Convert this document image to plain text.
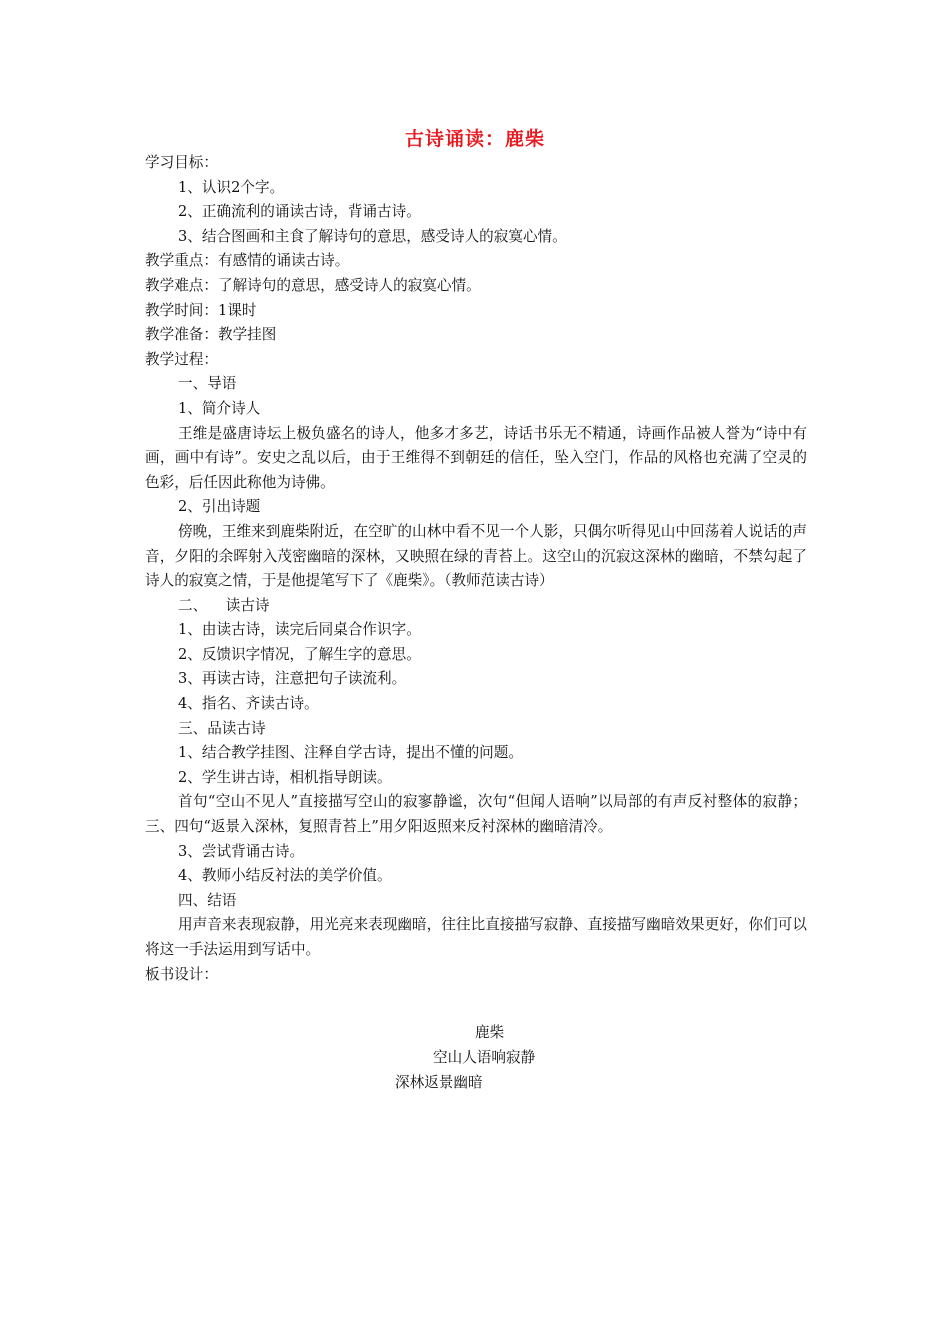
古诗诵读：鹿柴

学习目标：

1、认识2个字。

2、正确流利的诵读古诗，背诵古诗。

3、结合图画和主食了解诗句的意思，感受诗人的寂寞心情。

教学重点：有感情的诵读古诗。

教学难点：了解诗句的意思，感受诗人的寂寞心情。

教学时间：1课时

教学准备：教学挂图

教学过程：

一、导语

1、简介诗人

王维是盛唐诗坛上极负盛名的诗人，他多才多艺，诗话书乐无不精通，诗画作品被人誉为“诗中有画，画中有诗”。安史之乱以后，由于王维得不到朝廷的信任，坠入空门，作品的风格也充满了空灵的色彩，后任因此称他为诗佛。

2、引出诗题

傍晚，王维来到鹿柴附近，在空旷的山林中看不见一个人影，只偶尔听得见山中回荡着人说话的声音，夕阳的余晖射入茂密幽暗的深林，又映照在绿的青苔上。这空山的沉寂这深林的幽暗，不禁勾起了诗人的寂寞之情，于是他提笔写下了《鹿柴》。（教师范读古诗）

二、    读古诗

1、由读古诗，读完后同桌合作识字。

2、反馈识字情况，了解生字的意思。

3、再读古诗，注意把句子读流利。

4、指名、齐读古诗。

三、品读古诗

1、结合教学挂图、注释自学古诗，提出不懂的问题。

2、学生讲古诗，相机指导朗读。

首句“空山不见人”直接描写空山的寂寥静谧，次句“但闻人语响”以局部的有声反衬整体的寂静；三、四句“返景入深林，复照青苔上”用夕阳返照来反衬深林的幽暗清冷。

3、尝试背诵古诗。

4、教师小结反衬法的美学价值。

四、结语

用声音来表现寂静，用光亮来表现幽暗，往往比直接描写寂静、直接描写幽暗效果更好，你们可以将这一手法运用到写话中。

板书设计：

鹿柴
空山人语响寂静
深林返景幽暗
